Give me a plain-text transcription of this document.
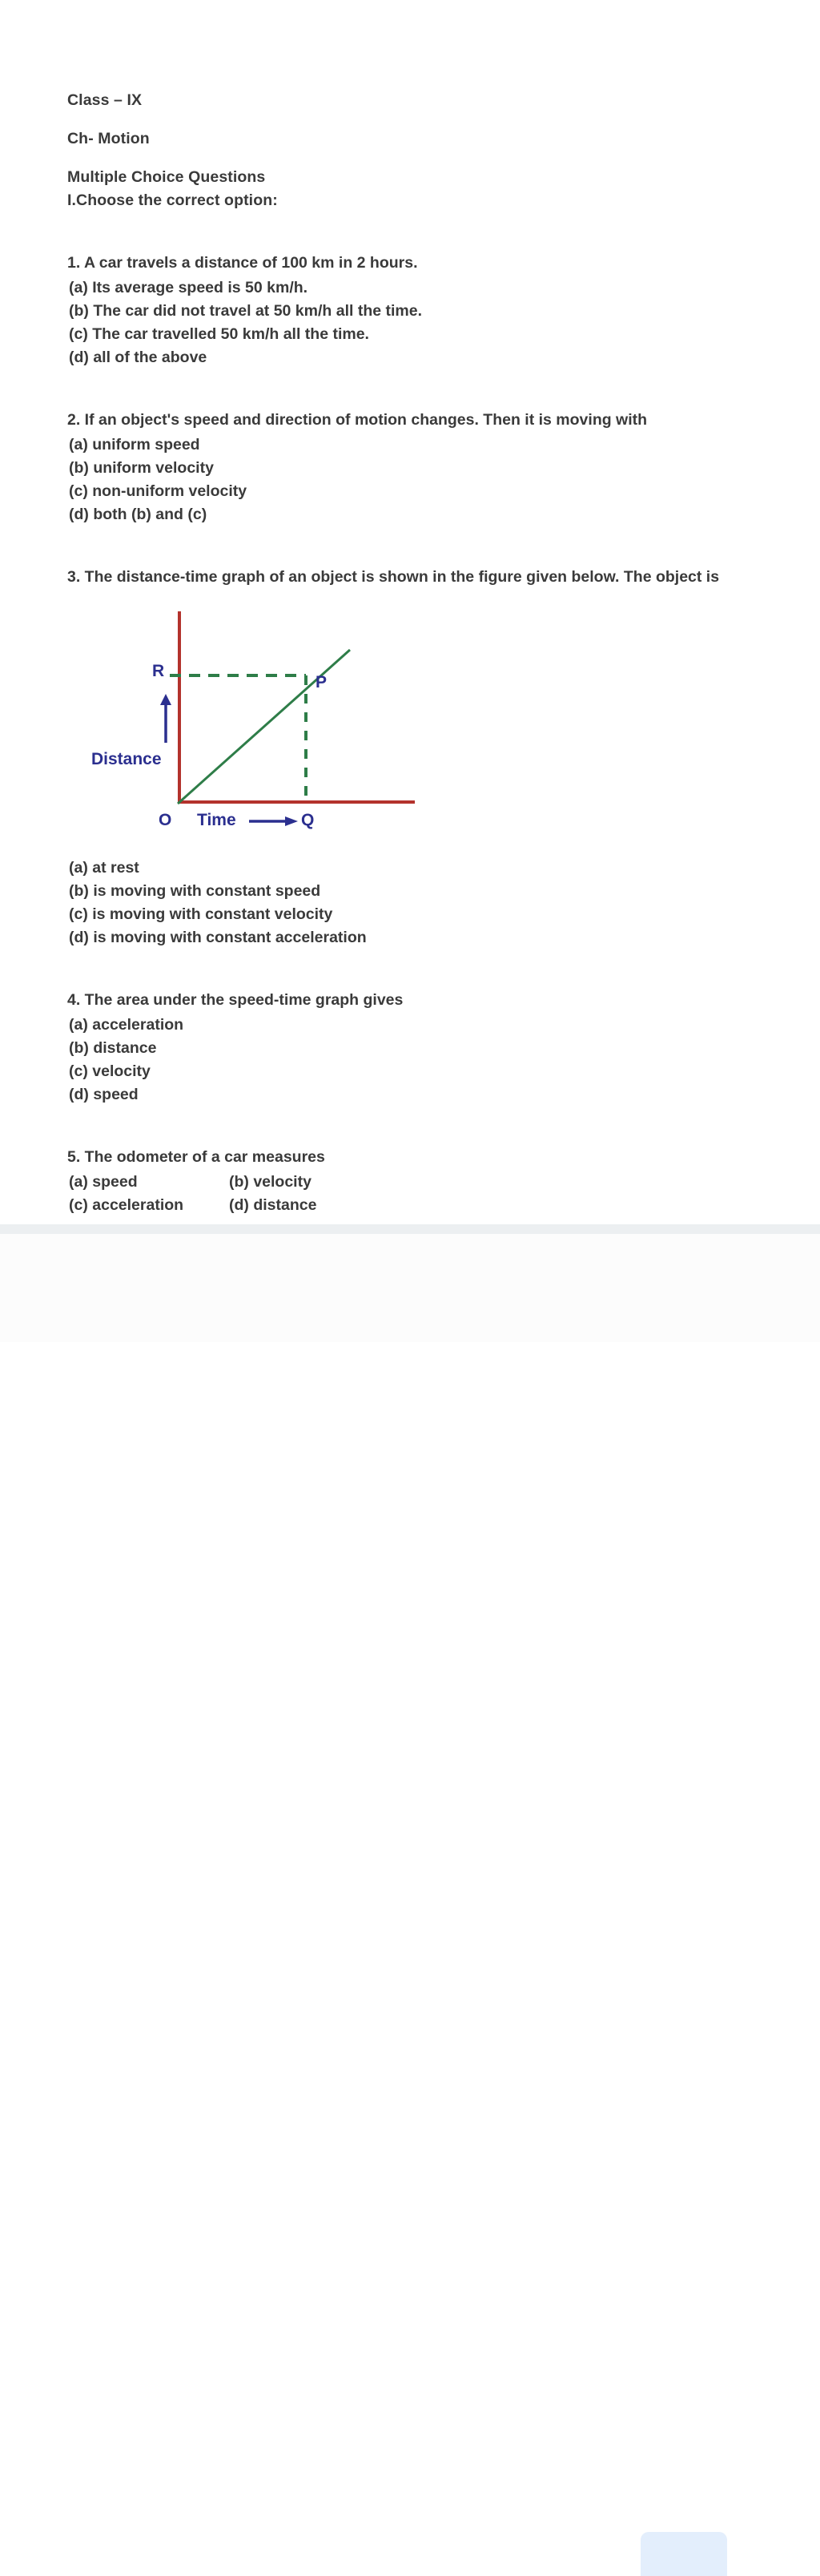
Class – IX
Ch- Motion
Multiple Choice Questions
I.Choose the correct option:
1. A car travels a distance of 100 km in 2 hours.
(a) Its average speed is 50 km/h.
(b) The car did not travel at 50 km/h all the time.
(c) The car travelled 50 km/h all the time.
(d) all of the above
2. If an object's speed and direction of motion changes. Then it is moving with
(a) uniform speed
(b) uniform velocity
(c) non-uniform velocity
(d) both (b) and (c)
3. The distance-time graph of an object is shown in the figure given below. The object is
R
P
Q
O
Distance
Time
(a) at rest
(b) is moving with constant speed
(c) is moving with constant velocity
(d) is moving with constant acceleration
4. The area under the speed-time graph gives
(a) acceleration
(b) distance
(c) velocity
(d) speed
5. The odometer of a car measures
(a) speed	(b) velocity
(c) acceleration	(d) distance
